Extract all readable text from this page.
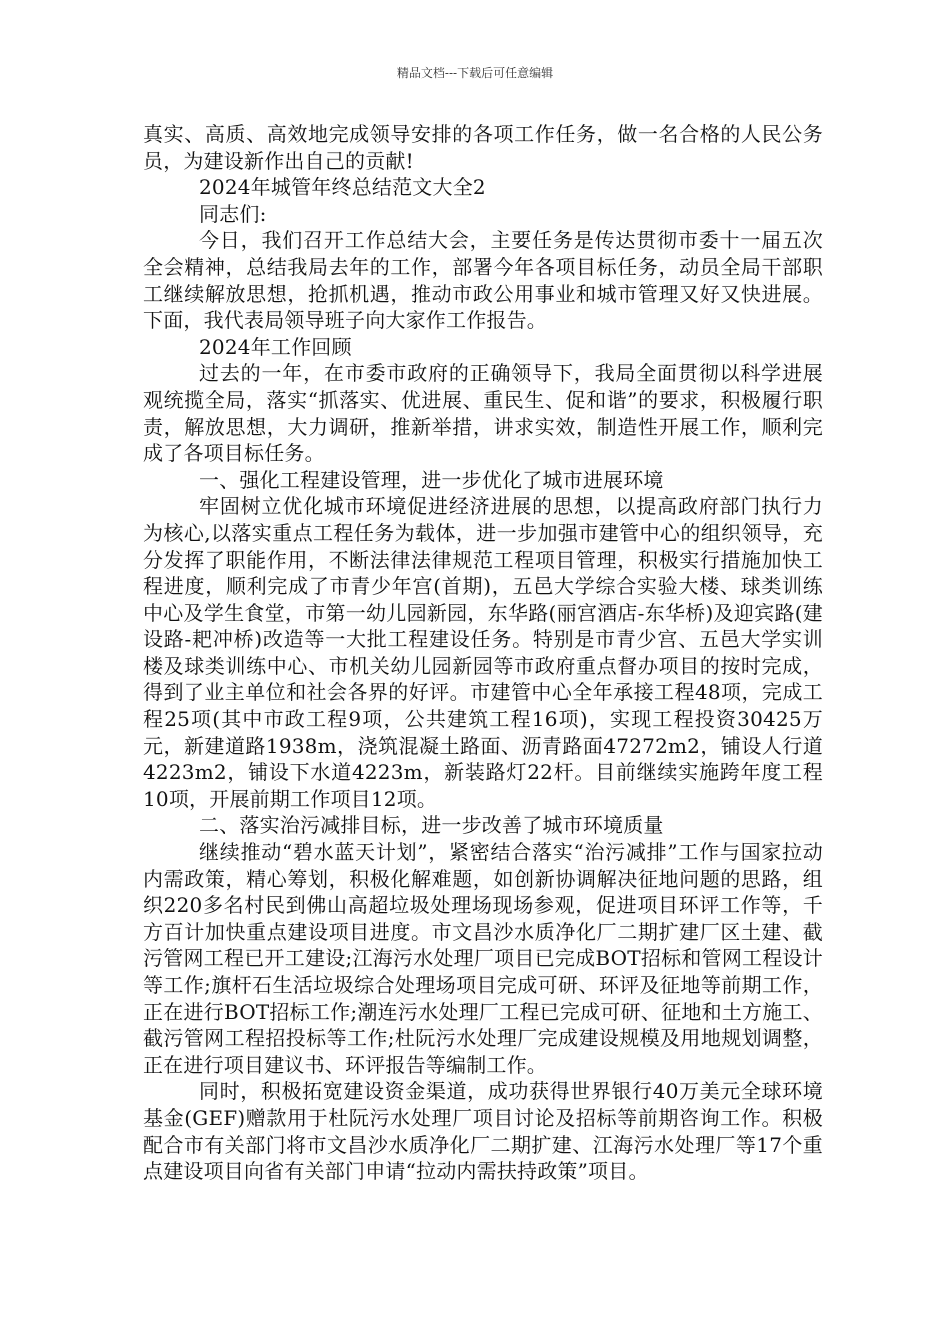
精品文档---下载后可任意编辑

真实、高质、高效地完成领导安排的各项工作任务，做一名合格的人民公务员，为建设新作出自己的贡献!

2024年城管年终总结范文大全2

同志们:

今日，我们召开工作总结大会，主要任务是传达贯彻市委十一届五次全会精神，总结我局去年的工作，部署今年各项目标任务，动员全局干部职工继续解放思想，抢抓机遇，推动市政公用事业和城市管理又好又快进展。下面，我代表局领导班子向大家作工作报告。

2024年工作回顾

过去的一年，在市委市政府的正确领导下，我局全面贯彻以科学进展观统揽全局，落实“抓落实、优进展、重民生、促和谐”的要求，积极履行职责，解放思想，大力调研，推新举措，讲求实效，制造性开展工作，顺利完成了各项目标任务。

一、强化工程建设管理，进一步优化了城市进展环境

牢固树立优化城市环境促进经济进展的思想，以提高政府部门执行力为核心,以落实重点工程任务为载体，进一步加强市建管中心的组织领导，充分发挥了职能作用，不断法律法律规范工程项目管理，积极实行措施加快工程进度，顺利完成了市青少年宫(首期)，五邑大学综合实验大楼、球类训练中心及学生食堂，市第一幼儿园新园，东华路(丽宫酒店-东华桥)及迎宾路(建设路-耙冲桥)改造等一大批工程建设任务。特别是市青少宫、五邑大学实训楼及球类训练中心、市机关幼儿园新园等市政府重点督办项目的按时完成，得到了业主单位和社会各界的好评。市建管中心全年承接工程48项，完成工程25项(其中市政工程9项，公共建筑工程16项)，实现工程投资30425万元，新建道路1938m，浇筑混凝土路面、沥青路面47272m2，铺设人行道4223m2，铺设下水道4223m，新装路灯22杆。目前继续实施跨年度工程10项，开展前期工作项目12项。

二、落实治污减排目标，进一步改善了城市环境质量

继续推动“碧水蓝天计划”，紧密结合落实“治污减排”工作与国家拉动内需政策，精心筹划，积极化解难题，如创新协调解决征地问题的思路，组织220多名村民到佛山高超垃圾处理场现场参观，促进项目环评工作等，千方百计加快重点建设项目进度。市文昌沙水质净化厂二期扩建厂区土建、截污管网工程已开工建设;江海污水处理厂项目已完成BOT招标和管网工程设计等工作;旗杆石生活垃圾综合处理场项目完成可研、环评及征地等前期工作，正在进行BOT招标工作;潮连污水处理厂工程已完成可研、征地和土方施工、截污管网工程招投标等工作;杜阮污水处理厂完成建设规模及用地规划调整，正在进行项目建议书、环评报告等编制工作。

同时，积极拓宽建设资金渠道，成功获得世界银行40万美元全球环境基金(GEF)赠款用于杜阮污水处理厂项目讨论及招标等前期咨询工作。积极配合市有关部门将市文昌沙水质净化厂二期扩建、江海污水处理厂等17个重点建设项目向省有关部门申请“拉动内需扶持政策”项目。
